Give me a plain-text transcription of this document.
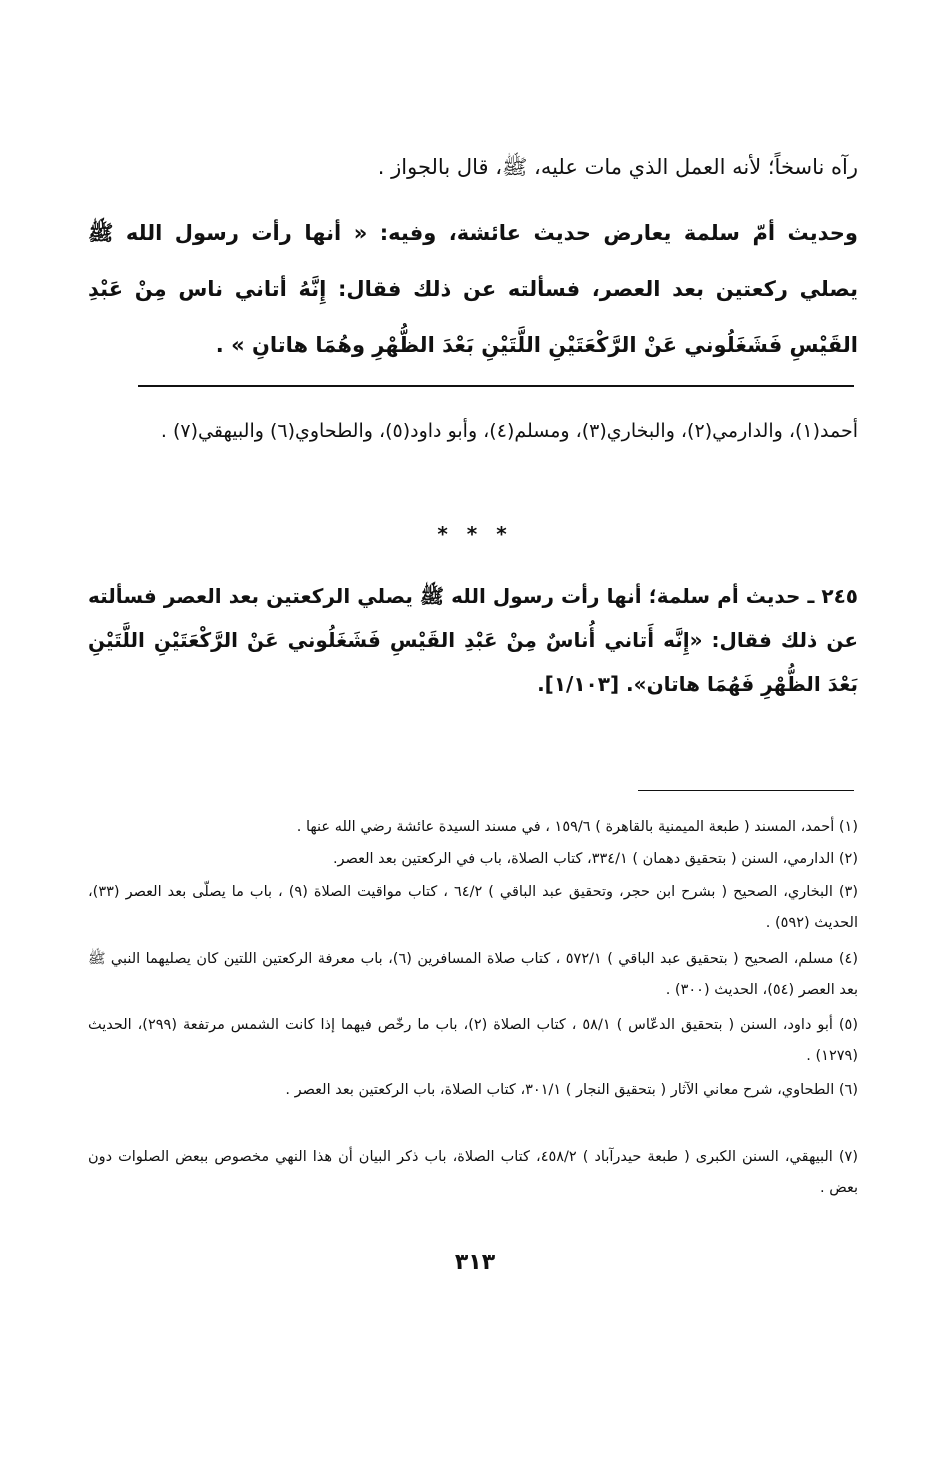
رآه ناسخاً؛ لأنه العمل الذي مات عليه، ﷺ، قال بالجواز .

وحديث أمّ سلمة يعارض حديث عائشة، وفيه: « أنها رأت رسول الله ﷺ يصلي ركعتين بعد العصر، فسألته عن ذلك فقال: إِنَّهُ أتاني ناس مِنْ عَبْدِ القَيْسِ فَشَغَلُوني عَنْ الرَّكْعَتَيْنِ اللَّتَيْنِ بَعْدَ الظُّهْرِ وهُمَا هاتانِ » .

أحمد(١)، والدارمي(٢)، والبخاري(٣)، ومسلم(٤)، وأبو داود(٥)، والطحاوي(٦) والبيهقي(٧) .

* * *

٢٤٥ ـ حديث أم سلمة؛ أنها رأت رسول الله ﷺ يصلي الركعتين بعد العصر فسألته عن ذلك فقال: «إِنَّه أَتاني أُناسٌ مِنْ عَبْدِ القَيْسِ فَشَغَلُوني عَنْ الرَّكْعَتَيْنِ اللَّتَيْنِ بَعْدَ الظُّهْرِ فَهُمَا هاتان». [١/١٠٣].

(١) أحمد، المسند ( طبعة الميمنية بالقاهرة ) ١٥٩/٦ ، في مسند السيدة عائشة رضي الله عنها .

(٢) الدارمي، السنن ( بتحقيق دهمان ) ٣٣٤/١، كتاب الصلاة، باب في الركعتين بعد العصر.

(٣) البخاري، الصحيح ( بشرح ابن حجر، وتحقيق عبد الباقي ) ٦٤/٢ ، كتاب مواقيت الصلاة (٩) ، باب ما يصلّى بعد العصر (٣٣)، الحديث (٥٩٢) .

(٤) مسلم، الصحيح ( بتحقيق عبد الباقي ) ٥٧٢/١ ، كتاب صلاة المسافرين (٦)، باب معرفة الركعتين اللتين كان يصليهما النبي ﷺ بعد العصر (٥٤)، الحديث (٣٠٠) .

(٥) أبو داود، السنن ( بتحقيق الدعّاس ) ٥٨/١ ، كتاب الصلاة (٢)، باب ما رخّص فيهما إذا كانت الشمس مرتفعة (٢٩٩)، الحديث (١٢٧٩) .

(٦) الطحاوي، شرح معاني الآثار ( بتحقيق النجار ) ٣٠١/١، كتاب الصلاة، باب الركعتين بعد العصر .

(٧) البيهقي، السنن الكبرى ( طبعة حيدرآباد ) ٤٥٨/٢، كتاب الصلاة، باب ذكر البيان أن هذا النهي مخصوص ببعض الصلوات دون بعض .

٣١٣
